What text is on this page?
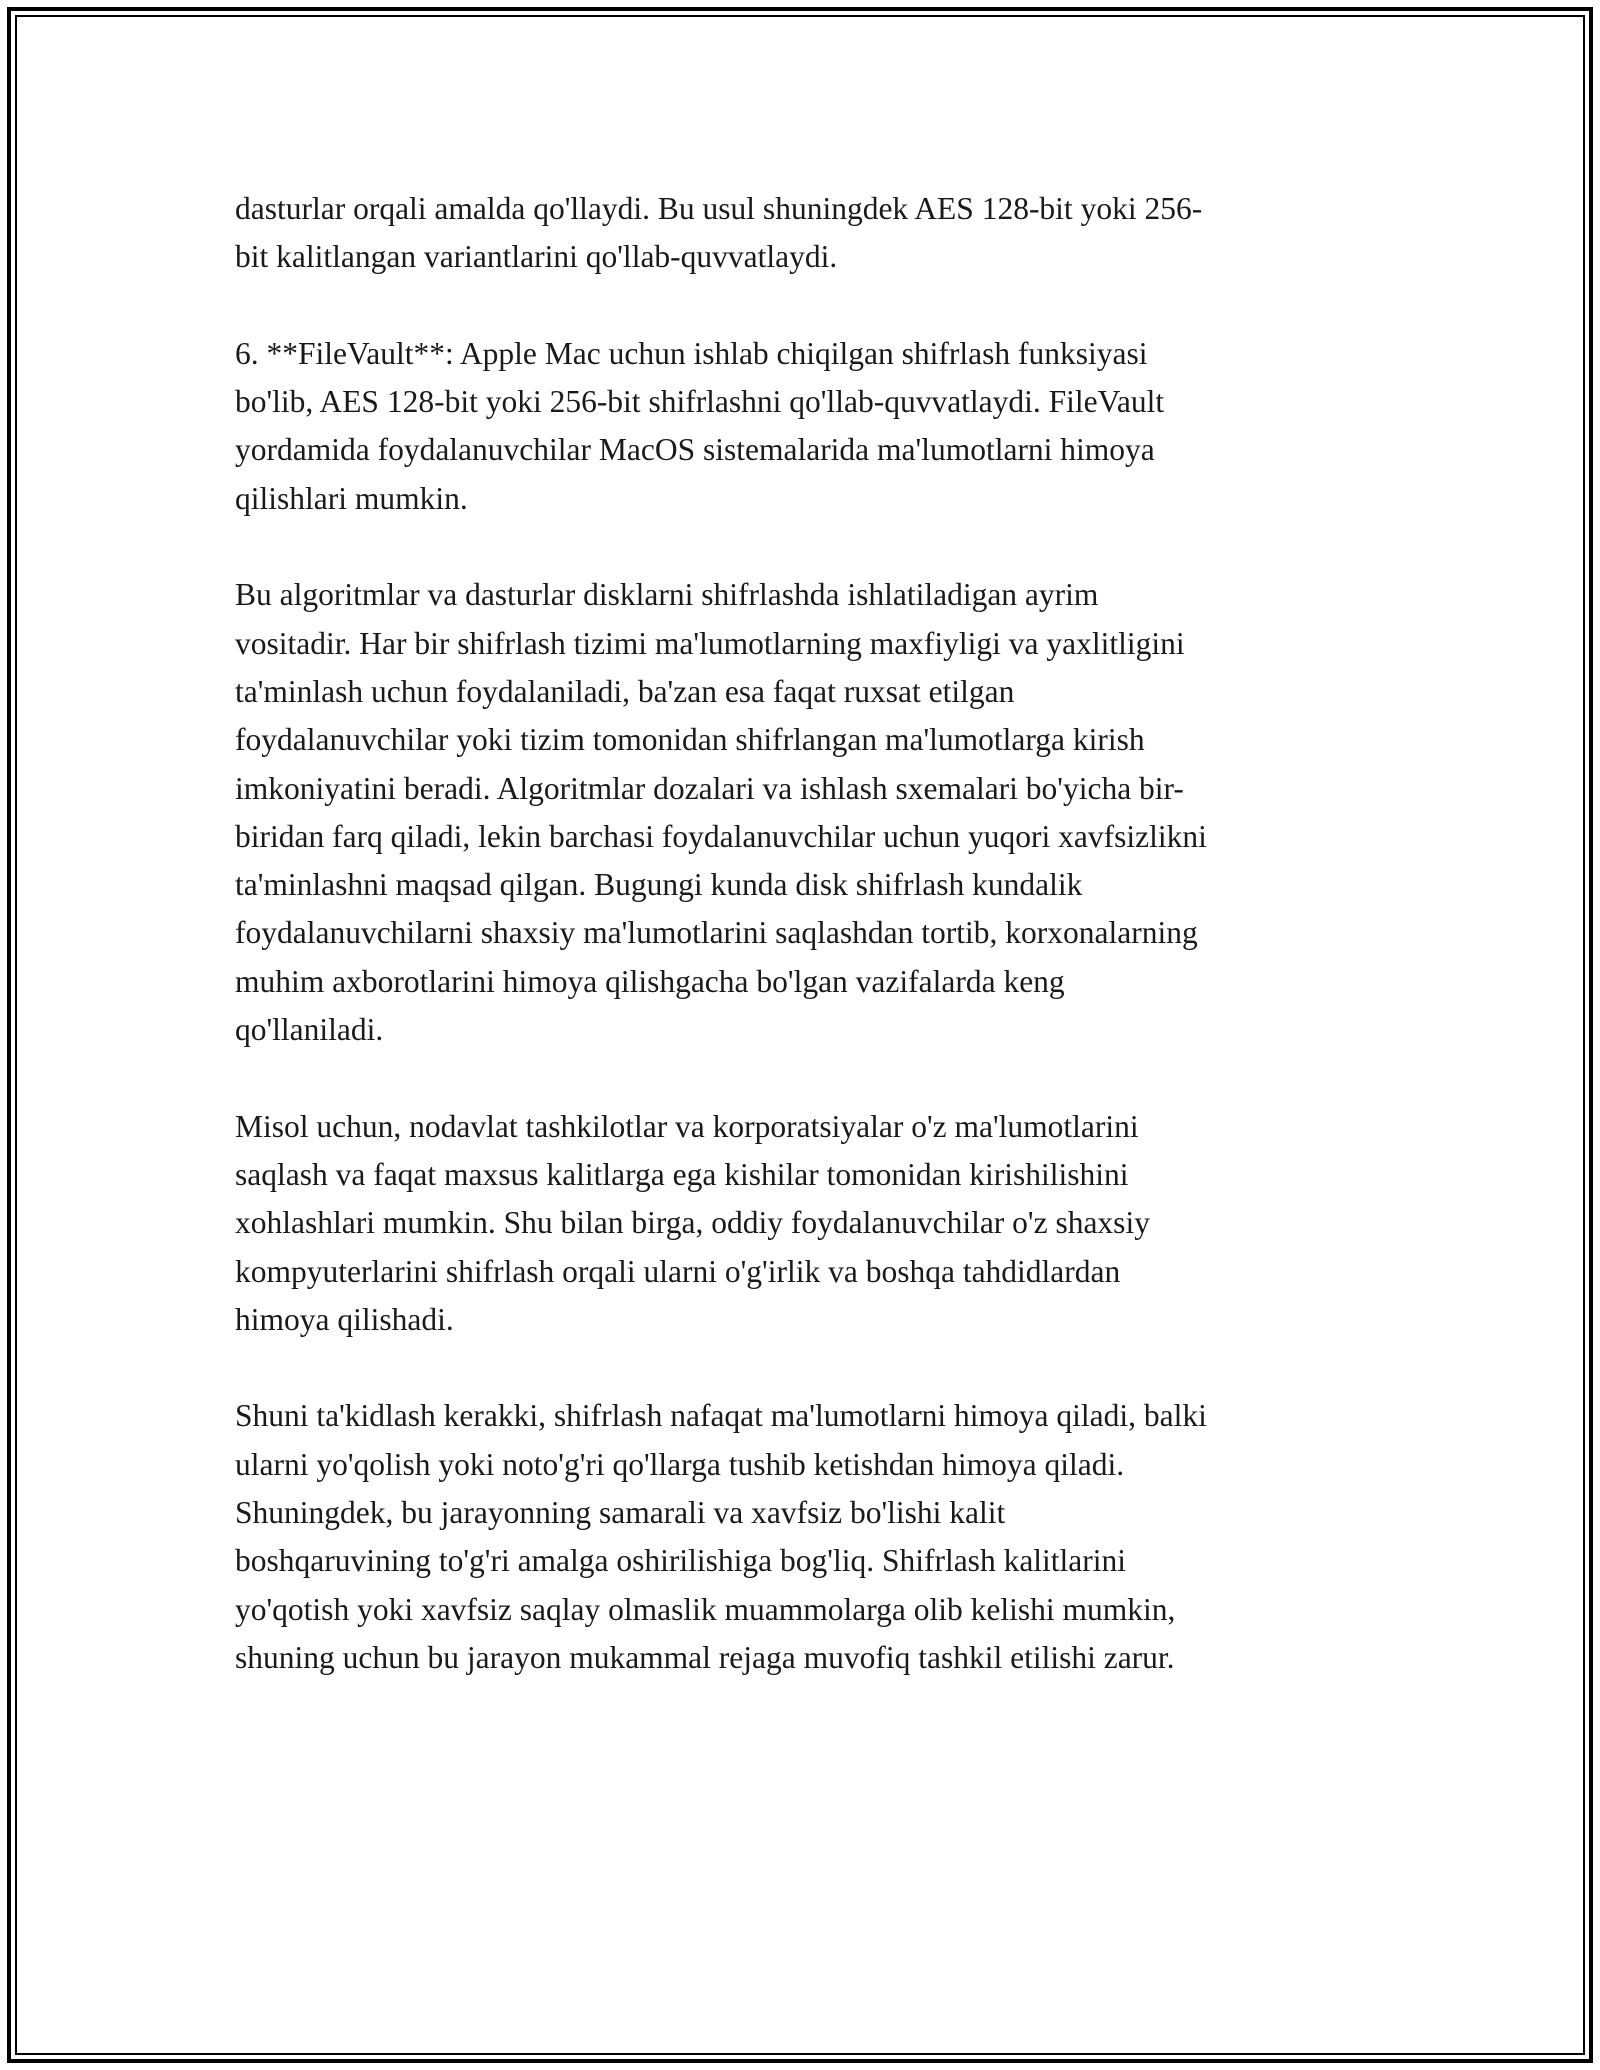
dasturlar orqali amalda qo'llaydi. Bu usul shuningdek AES 128-bit yoki 256-
bit kalitlangan variantlarini qo'llab-quvvatlaydi.

6. **FileVault**: Apple Mac uchun ishlab chiqilgan shifrlash funksiyasi
bo'lib, AES 128-bit yoki 256-bit shifrlashni qo'llab-quvvatlaydi. FileVault
yordamida foydalanuvchilar MacOS sistemalarida ma'lumotlarni himoya
qilishlari mumkin.

Bu algoritmlar va dasturlar disklarni shifrlashda ishlatiladigan ayrim
vositadir. Har bir shifrlash tizimi ma'lumotlarning maxfiyligi va yaxlitligini
ta'minlash uchun foydalaniladi, ba'zan esa faqat ruxsat etilgan
foydalanuvchilar yoki tizim tomonidan shifrlangan ma'lumotlarga kirish
imkoniyatini beradi. Algoritmlar dozalari va ishlash sxemalari bo'yicha bir-
biridan farq qiladi, lekin barchasi foydalanuvchilar uchun yuqori xavfsizlikni
ta'minlashni maqsad qilgan. Bugungi kunda disk shifrlash kundalik
foydalanuvchilarni shaxsiy ma'lumotlarini saqlashdan tortib, korxonalarning
muhim axborotlarini himoya qilishgacha bo'lgan vazifalarda keng
qo'llaniladi.

Misol uchun, nodavlat tashkilotlar va korporatsiyalar o'z ma'lumotlarini
saqlash va faqat maxsus kalitlarga ega kishilar tomonidan kirishilishini
xohlashlari mumkin. Shu bilan birga, oddiy foydalanuvchilar o'z shaxsiy
kompyuterlarini shifrlash orqali ularni o'g'irlik va boshqa tahdidlardan
himoya qilishadi.

Shuni ta'kidlash kerakki, shifrlash nafaqat ma'lumotlarni himoya qiladi, balki
ularni yo'qolish yoki noto'g'ri qo'llarga tushib ketishdan himoya qiladi.
Shuningdek, bu jarayonning samarali va xavfsiz bo'lishi kalit
boshqaruvining to'g'ri amalga oshirilishiga bog'liq. Shifrlash kalitlarini
yo'qotish yoki xavfsiz saqlay olmaslik muammolarga olib kelishi mumkin,
shuning uchun bu jarayon mukammal rejaga muvofiq tashkil etilishi zarur.
